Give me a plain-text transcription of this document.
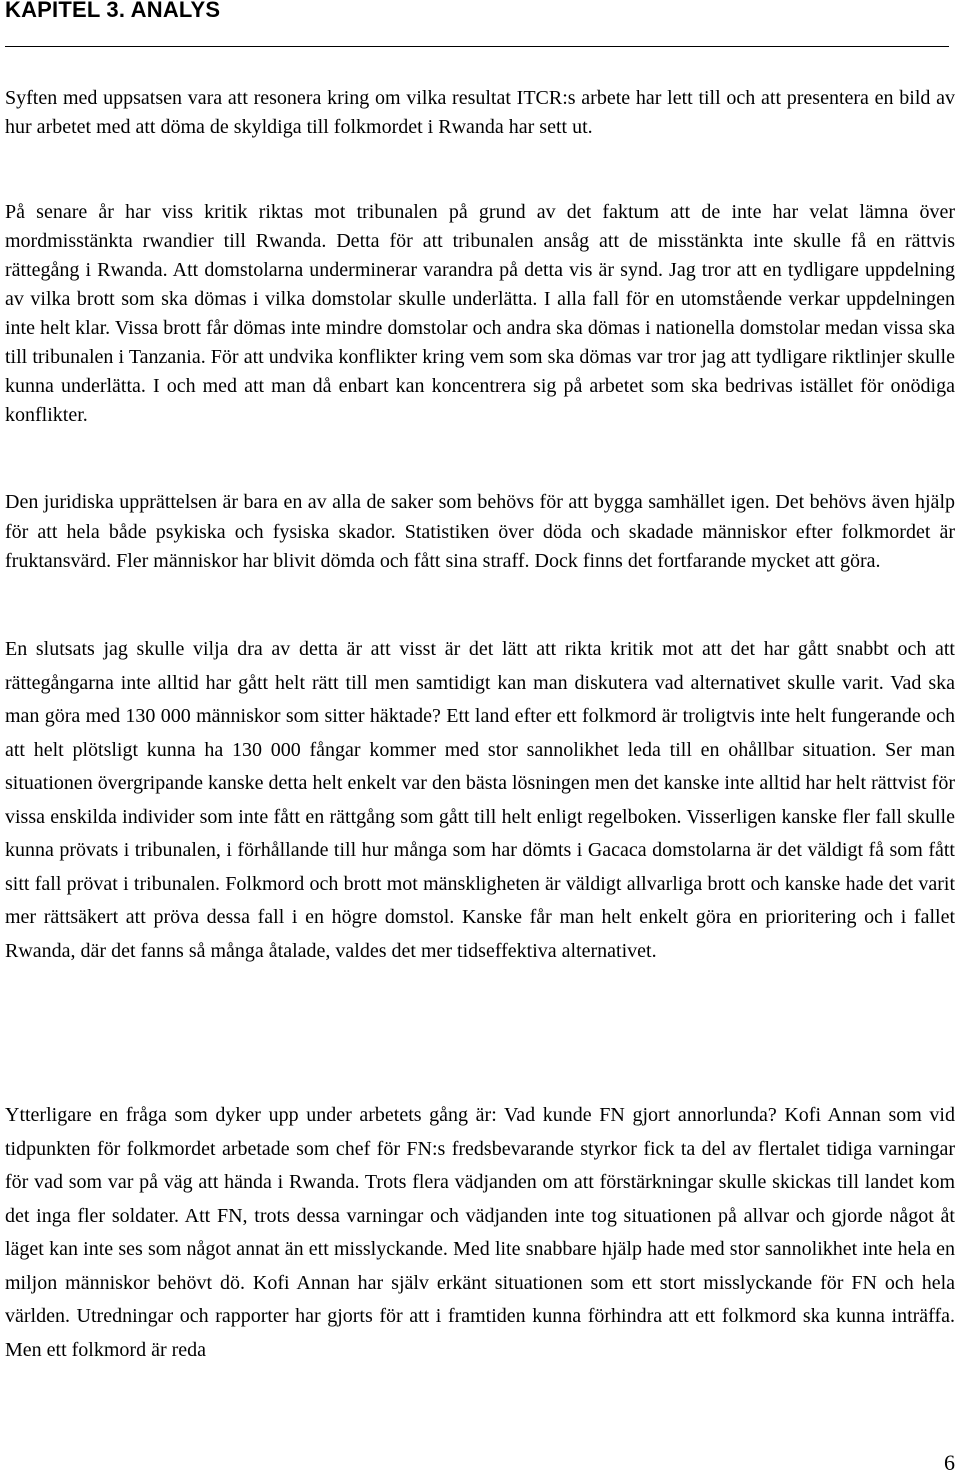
KAPITEL 3. ANALYS

Syften med uppsatsen vara att resonera kring om vilka resultat ITCR:s arbete har lett till och att presentera en bild av hur arbetet med att döma de skyldiga till folkmordet i Rwanda har sett ut.

På senare år har viss kritik riktas mot tribunalen på grund av det faktum att de inte har velat lämna över mordmisstänkta rwandier till Rwanda. Detta för att tribunalen ansåg att de misstänkta inte skulle få en rättvis rättegång i Rwanda. Att domstolarna underminerar varandra på detta vis är synd. Jag tror att en tydligare uppdelning av vilka brott som ska dömas i vilka domstolar skulle underlätta. I alla fall för en utomstående verkar uppdelningen inte helt klar. Vissa brott får dömas inte mindre domstolar och andra ska dömas i nationella domstolar medan vissa ska till tribunalen i Tanzania. För att undvika konflikter kring vem som ska dömas var tror jag att tydligare riktlinjer skulle kunna underlätta. I och med att man då enbart kan koncentrera sig på arbetet som ska bedrivas istället för onödiga konflikter.

Den juridiska upprättelsen är bara en av alla de saker som behövs för att bygga samhället igen. Det behövs även hjälp för att hela både psykiska och fysiska skador. Statistiken över döda och skadade människor efter folkmordet är fruktansvärd. Fler människor har blivit dömda och fått sina straff. Dock finns det fortfarande mycket att göra.

En slutsats jag skulle vilja dra av detta är att visst är det lätt att rikta kritik mot att det har gått snabbt och att rättegångarna inte alltid har gått helt rätt till men samtidigt kan man diskutera vad alternativet skulle varit. Vad ska man göra med 130 000 människor som sitter häktade? Ett land efter ett folkmord är troligtvis inte helt fungerande och att helt plötsligt kunna ha 130 000 fångar kommer med stor sannolikhet leda till en ohållbar situation. Ser man situationen övergripande kanske detta helt enkelt var den bästa lösningen men det kanske inte alltid har helt rättvist för vissa enskilda individer som inte fått en rättgång som gått till helt enligt regelboken. Visserligen kanske fler fall skulle kunna prövats i tribunalen, i förhållande till hur många som har dömts i Gacaca domstolarna är det väldigt få som fått sitt fall prövat i tribunalen. Folkmord och brott mot mänskligheten är väldigt allvarliga brott och kanske hade det varit mer rättsäkert att pröva dessa fall i en högre domstol. Kanske får man helt enkelt göra en prioritering och i fallet Rwanda, där det fanns så många åtalade, valdes det mer tidseffektiva alternativet.

Ytterligare en fråga som dyker upp under arbetets gång är: Vad kunde FN gjort annorlunda? Kofi Annan som vid tidpunkten för folkmordet arbetade som chef för FN:s fredsbevarande styrkor fick ta del av flertalet tidiga varningar för vad som var på väg att hända i Rwanda. Trots flera vädjanden om att förstärkningar skulle skickas till landet kom det inga fler soldater. Att FN, trots dessa varningar och vädjanden inte tog situationen på allvar och gjorde något åt läget kan inte ses som något annat än ett misslyckande. Med lite snabbare hjälp hade med stor sannolikhet inte hela en miljon människor behövt dö. Kofi Annan har själv erkänt situationen som ett stort misslyckande för FN och hela världen. Utredningar och rapporter har gjorts för att i framtiden kunna förhindra att ett folkmord ska kunna inträffa. Men ett folkmord är reda

6
